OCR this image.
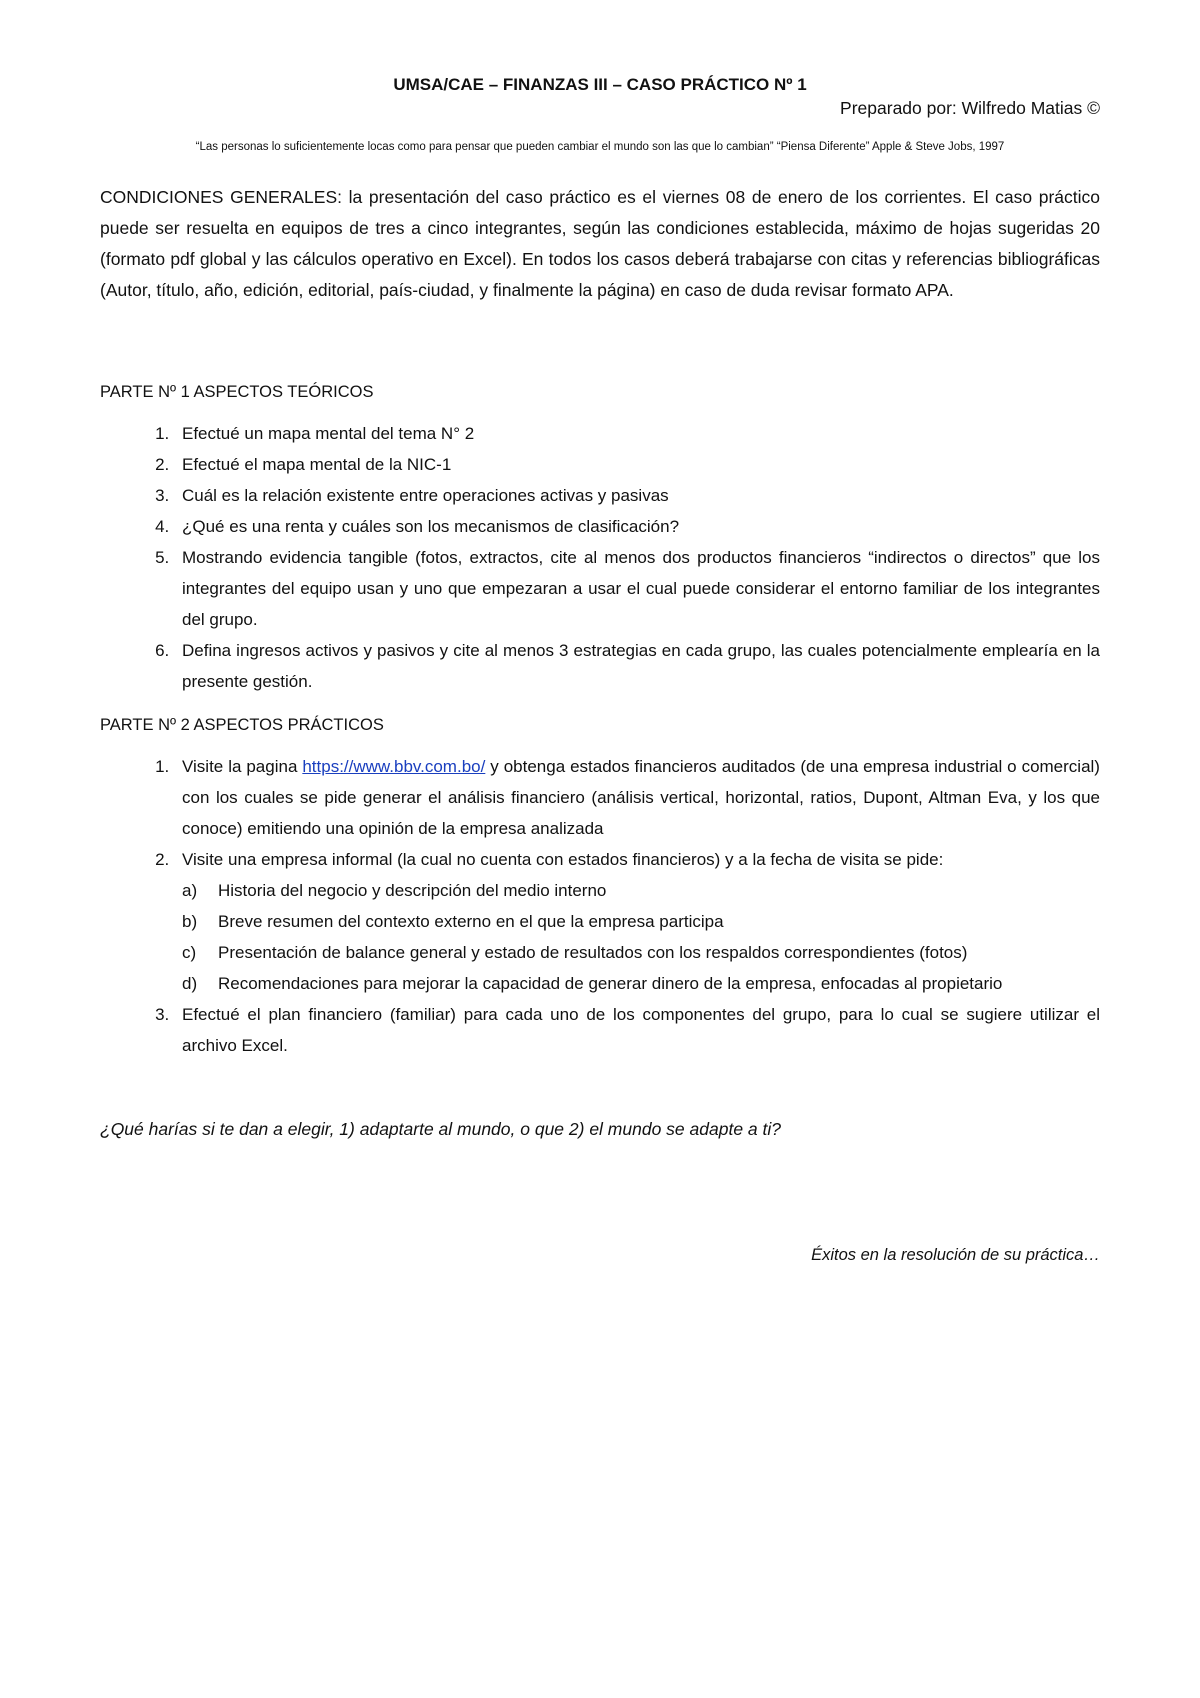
UMSA/CAE – FINANZAS III – CASO PRÁCTICO Nº 1

Preparado por: Wilfredo Matias ©

“Las personas lo suficientemente locas como para pensar que pueden cambiar el mundo son las que lo cambian” “Piensa Diferente” Apple & Steve Jobs, 1997

CONDICIONES GENERALES: la presentación del caso práctico es el viernes 08 de enero de los corrientes. El caso práctico puede ser resuelta en equipos de tres a cinco integrantes, según las condiciones establecida, máximo de hojas sugeridas 20 (formato pdf global y las cálculos operativo en Excel). En todos los casos deberá trabajarse con citas y referencias bibliográficas (Autor, título, año, edición, editorial, país-ciudad, y finalmente la página) en caso de duda revisar formato APA.

PARTE Nº 1 ASPECTOS TEÓRICOS

1. Efectué un mapa mental del tema N° 2
2. Efectué el mapa mental de la NIC-1
3. Cuál es la relación existente entre operaciones activas y pasivas
4. ¿Qué es una renta y cuáles son los mecanismos de clasificación?
5. Mostrando evidencia tangible (fotos, extractos, cite al menos dos productos financieros “indirectos o directos” que los integrantes del equipo usan y uno que empezaran a usar el cual puede considerar el entorno familiar de los integrantes del grupo.
6. Defina ingresos activos y pasivos y cite al menos 3 estrategias en cada grupo, las cuales potencialmente emplearía en la presente gestión.

PARTE Nº 2 ASPECTOS PRÁCTICOS

1. Visite la pagina https://www.bbv.com.bo/ y obtenga estados financieros auditados (de una empresa industrial o comercial) con los cuales se pide generar el análisis financiero (análisis vertical, horizontal, ratios, Dupont, Altman Eva, y los que conoce) emitiendo una opinión de la empresa analizada
2. Visite una empresa informal (la cual no cuenta con estados financieros) y a la fecha de visita se pide:
a)	Historia del negocio y descripción del medio interno
b)	Breve resumen del contexto externo en el que la empresa participa
c)	Presentación de balance general y estado de resultados con los respaldos correspondientes (fotos)
d)	Recomendaciones para mejorar la capacidad de generar dinero de la empresa, enfocadas al propietario
3. Efectué el plan financiero (familiar) para cada uno de los componentes del grupo, para lo cual se sugiere utilizar el archivo Excel.

¿Qué harías si te dan a elegir, 1) adaptarte al mundo, o que 2) el mundo se adapte a ti?

Éxitos en la resolución de su práctica…
